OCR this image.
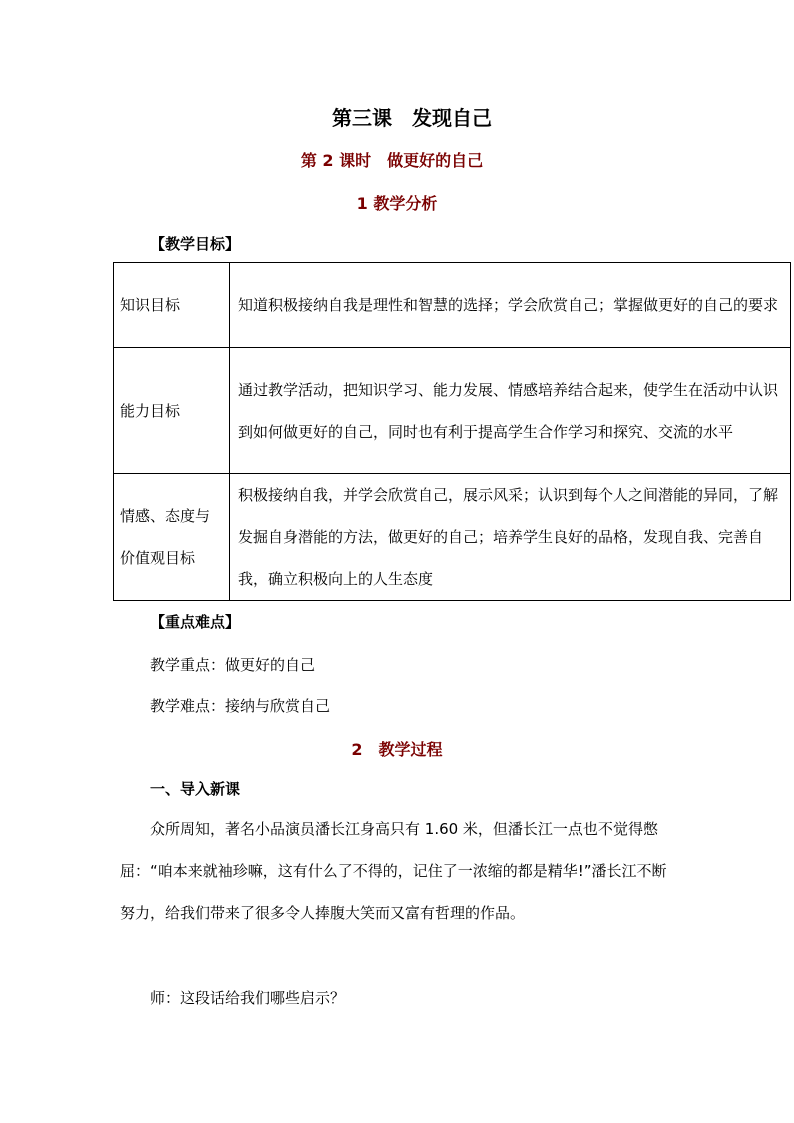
第三课　发现自己
第 2 课时　做更好的自己
1 教学分析
【教学目标】
知识目标	知道积极接纳自我是理性和智慧的选择；学会欣赏自己；掌握做更好的自己的要求
能力目标	通过教学活动，把知识学习、能力发展、情感培养结合起来，使学生在活动中认识到如何做更好的自己，同时也有利于提高学生合作学习和探究、交流的水平
情感、态度与价值观目标	积极接纳自我，并学会欣赏自己，展示风采；认识到每个人之间潜能的异同，了解发掘自身潜能的方法，做更好的自己；培养学生良好的品格，发现自我、完善自我，确立积极向上的人生态度
【重点难点】
教学重点：做更好的自己
教学难点：接纳与欣赏自己
2　教学过程
一、导入新课
众所周知，著名小品演员潘长江身高只有 1.60 米，但潘长江一点也不觉得憋屈：“咱本来就袖珍嘛，这有什么了不得的，记住了一浓缩的都是精华!”潘长江不断努力，给我们带来了很多令人捧腹大笑而又富有哲理的作品。
师：这段话给我们哪些启示？
